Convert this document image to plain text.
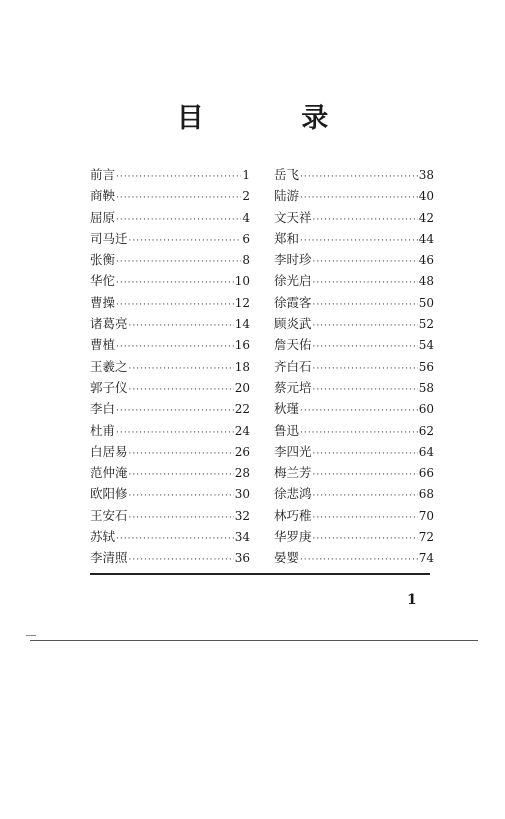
目 录
前言 ·····	1
商鞅 ·····	2
屈原 ·····	4
司马迁 ·····	6
张衡 ·····	8
华佗 ·····	10
曹操 ·····	12
诸葛亮 ·····	14
曹植 ·····	16
王羲之 ·····	18
郭子仪 ·····	20
李白 ·····	22
杜甫 ·····	24
白居易 ·····	26
范仲淹 ·····	28
欧阳修 ·····	30
王安石 ·····	32
苏轼 ·····	34
李清照 ·····	36
岳飞 ·····	38
陆游 ·····	40
文天祥 ·····	42
郑和 ·····	44
李时珍 ·····	46
徐光启 ·····	48
徐霞客 ·····	50
顾炎武 ·····	52
詹天佑 ·····	54
齐白石 ·····	56
蔡元培 ·····	58
秋瑾 ·····	60
鲁迅 ·····	62
李四光 ·····	64
梅兰芳 ·····	66
徐悲鸿 ·····	68
林巧稚 ·····	70
华罗庚 ·····	72
晏婴 ·····	74
1
